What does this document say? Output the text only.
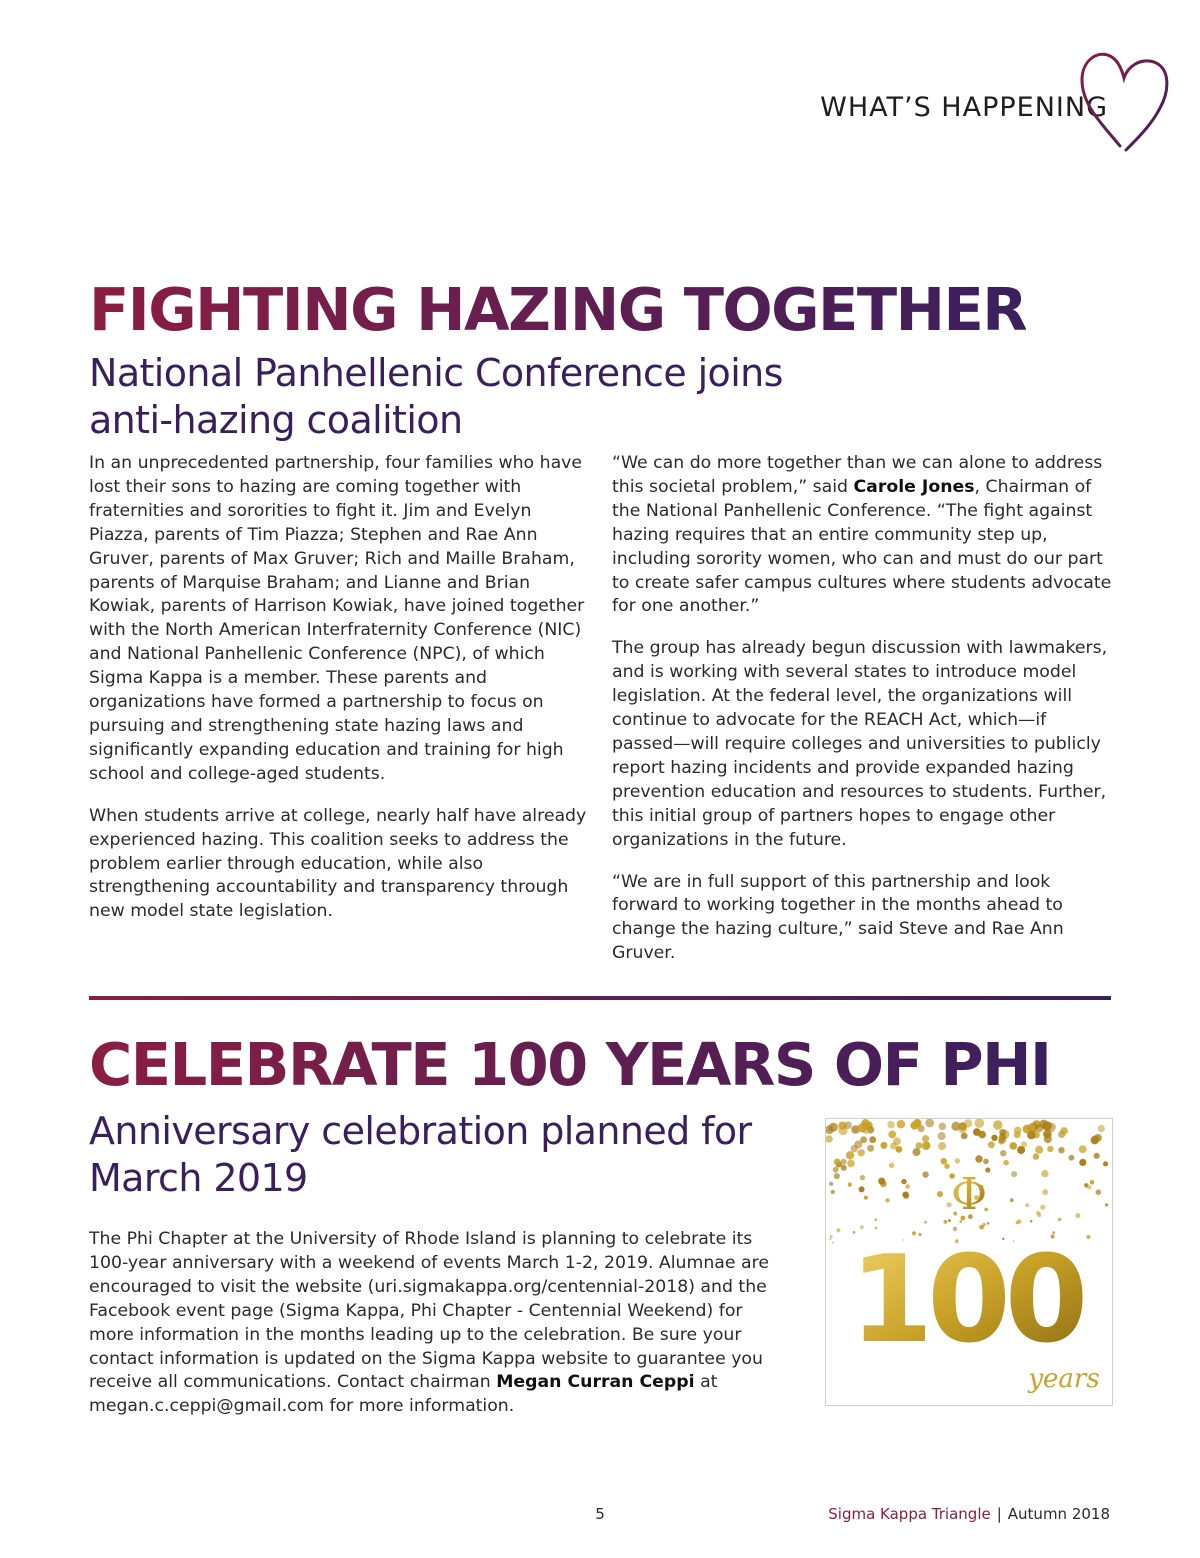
WHAT’S HAPPENING
FIGHTING HAZING TOGETHER
National Panhellenic Conference joins anti-hazing coalition

In an unprecedented partnership, four families who have lost their sons to hazing are coming together with fraternities and sororities to fight it. Jim and Evelyn Piazza, parents of Tim Piazza; Stephen and Rae Ann Gruver, parents of Max Gruver; Rich and Maille Braham, parents of Marquise Braham; and Lianne and Brian Kowiak, parents of Harrison Kowiak, have joined together with the North American Interfraternity Conference (NIC) and National Panhellenic Conference (NPC), of which Sigma Kappa is a member. These parents and organizations have formed a partnership to focus on pursuing and strengthening state hazing laws and significantly expanding education and training for high school and college-aged students.

When students arrive at college, nearly half have already experienced hazing. This coalition seeks to address the problem earlier through education, while also strengthening accountability and transparency through new model state legislation.

“We can do more together than we can alone to address this societal problem,” said Carole Jones, Chairman of the National Panhellenic Conference. “The fight against hazing requires that an entire community step up, including sorority women, who can and must do our part to create safer campus cultures where students advocate for one another.”

The group has already begun discussion with lawmakers, and is working with several states to introduce model legislation. At the federal level, the organizations will continue to advocate for the REACH Act, which—if passed—will require colleges and universities to publicly report hazing incidents and provide expanded hazing prevention education and resources to students. Further, this initial group of partners hopes to engage other organizations in the future.

“We are in full support of this partnership and look forward to working together in the months ahead to change the hazing culture,” said Steve and Rae Ann Gruver.

CELEBRATE 100 YEARS OF PHI
Anniversary celebration planned for March 2019

The Phi Chapter at the University of Rhode Island is planning to celebrate its 100-year anniversary with a weekend of events March 1-2, 2019. Alumnae are encouraged to visit the website (uri.sigmakappa.org/centennial-2018) and the Facebook event page (Sigma Kappa, Phi Chapter - Centennial Weekend) for more information in the months leading up to the celebration. Be sure your contact information is updated on the Sigma Kappa website to guarantee you receive all communications. Contact chairman Megan Curran Ceppi at megan.c.ceppi@gmail.com for more information.

Φ
100
years
5	Sigma Kappa Triangle | Autumn 2018
